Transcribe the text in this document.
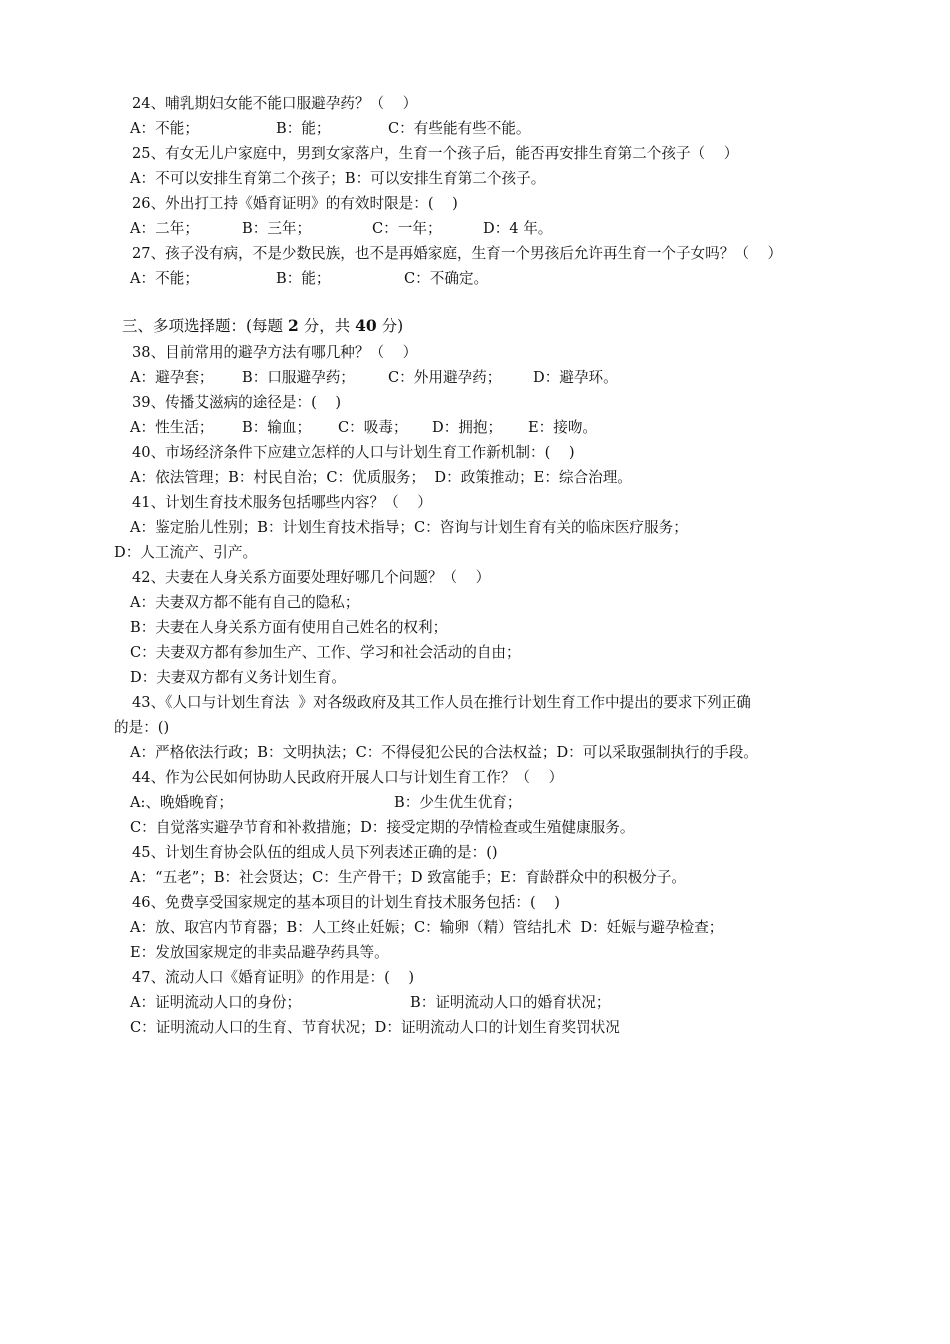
24、哺乳期妇女能不能口服避孕药？（    ）
A：不能；	B：能；	C：有些能有些不能。
25、有女无儿户家庭中，男到女家落户，生育一个孩子后，能否再安排生育第二个孩子（    ）
A：不可以安排生育第二个孩子；B：可以安排生育第二个孩子。
26、外出打工持《婚育证明》的有效时限是：(    )
A：二年；	B：三年；	C：一年；	D：4 年。
27、孩子没有病，不是少数民族，也不是再婚家庭，生育一个男孩后允许再生育一个子女吗？（    ）
A：不能；	B：能；	C：不确定。
三、多项选择题：(每题 2 分，共 40 分)
38、目前常用的避孕方法有哪几种？（    ）
A：避孕套； B：口服避孕药； C：外用避孕药； D：避孕环。
39、传播艾滋病的途径是：(    )
A：性生活； B：输血； C：吸毒； D：拥抱； E：接吻。
40、市场经济条件下应建立怎样的人口与计划生育工作新机制：(    )
A：依法管理；B：村民自治；C：优质服务；  D：政策推动；E：综合治理。
41、计划生育技术服务包括哪些内容？（    ）
A：鉴定胎儿性别；B：计划生育技术指导；C：咨询与计划生育有关的临床医疗服务；
D：人工流产、引产。
42、夫妻在人身关系方面要处理好哪几个问题？（    ）
A：夫妻双方都不能有自己的隐私；
B：夫妻在人身关系方面有使用自己姓名的权利；
C：夫妻双方都有参加生产、工作、学习和社会活动的自由；
D：夫妻双方都有义务计划生育。
43、《人口与计划生育法  》对各级政府及其工作人员在推行计划生育工作中提出的要求下列正确
的是：()
A：严格依法行政；B：文明执法；C：不得侵犯公民的合法权益；D：可以采取强制执行的手段。
44、作为公民如何协助人民政府开展人口与计划生育工作？（    ）
A:、晚婚晚育；	B：少生优生优育；
C：自觉落实避孕节育和补救措施；D：接受定期的孕情检查或生殖健康服务。
45、计划生育协会队伍的组成人员下列表述正确的是：()
A：“五老”；B：社会贤达；C：生产骨干；D 致富能手；E：育龄群众中的积极分子。
46、免费享受国家规定的基本项目的计划生育技术服务包括：(    )
A：放、取宫内节育器；B：人工终止妊娠；C：输卵（精）管结扎术  D：妊娠与避孕检查；
E：发放国家规定的非卖品避孕药具等。
47、流动人口《婚育证明》的作用是：(    )
A：证明流动人口的身份；	B：证明流动人口的婚育状况；
C：证明流动人口的生育、节育状况；D：证明流动人口的计划生育奖罚状况
